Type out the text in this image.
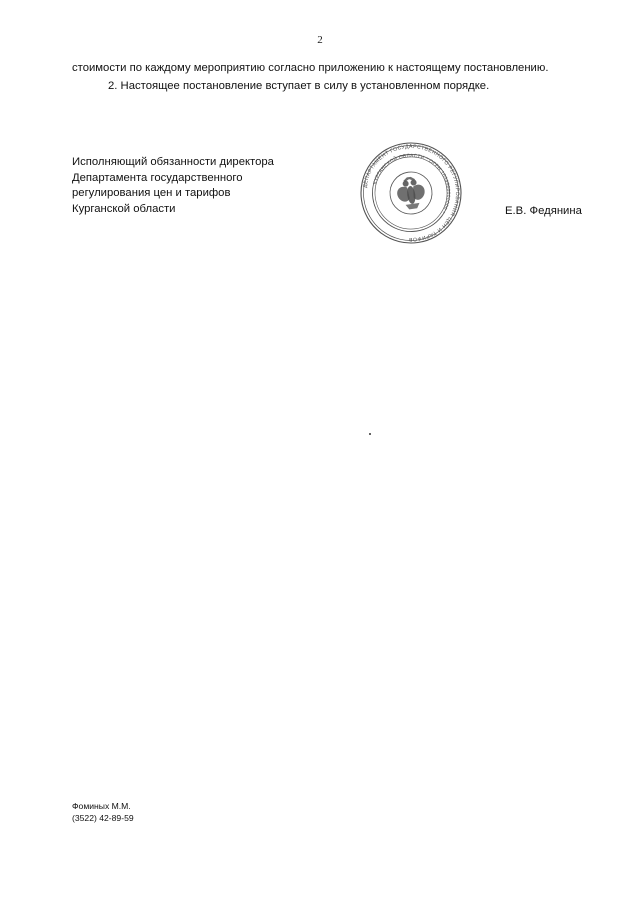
2

стоимости по каждому мероприятию согласно приложению к настоящему постановлению.

2. Настоящее постановление вступает в силу в установленном порядке.

Исполняющий обязанности директора
Департамента государственного
регулирования цен и тарифов
Курганской области	Е.В. Федянина
ДЕПАРТАМЕНТ ГОСУДАРСТВЕННОГО РЕГУЛИРОВАНИЯ ЦЕН И ТАРИФОВ
КУРГАНСКОЙ ОБЛАСТИ * ОГРН 1034500000000 *
Фоминых М.М.
(3522) 42-89-59
